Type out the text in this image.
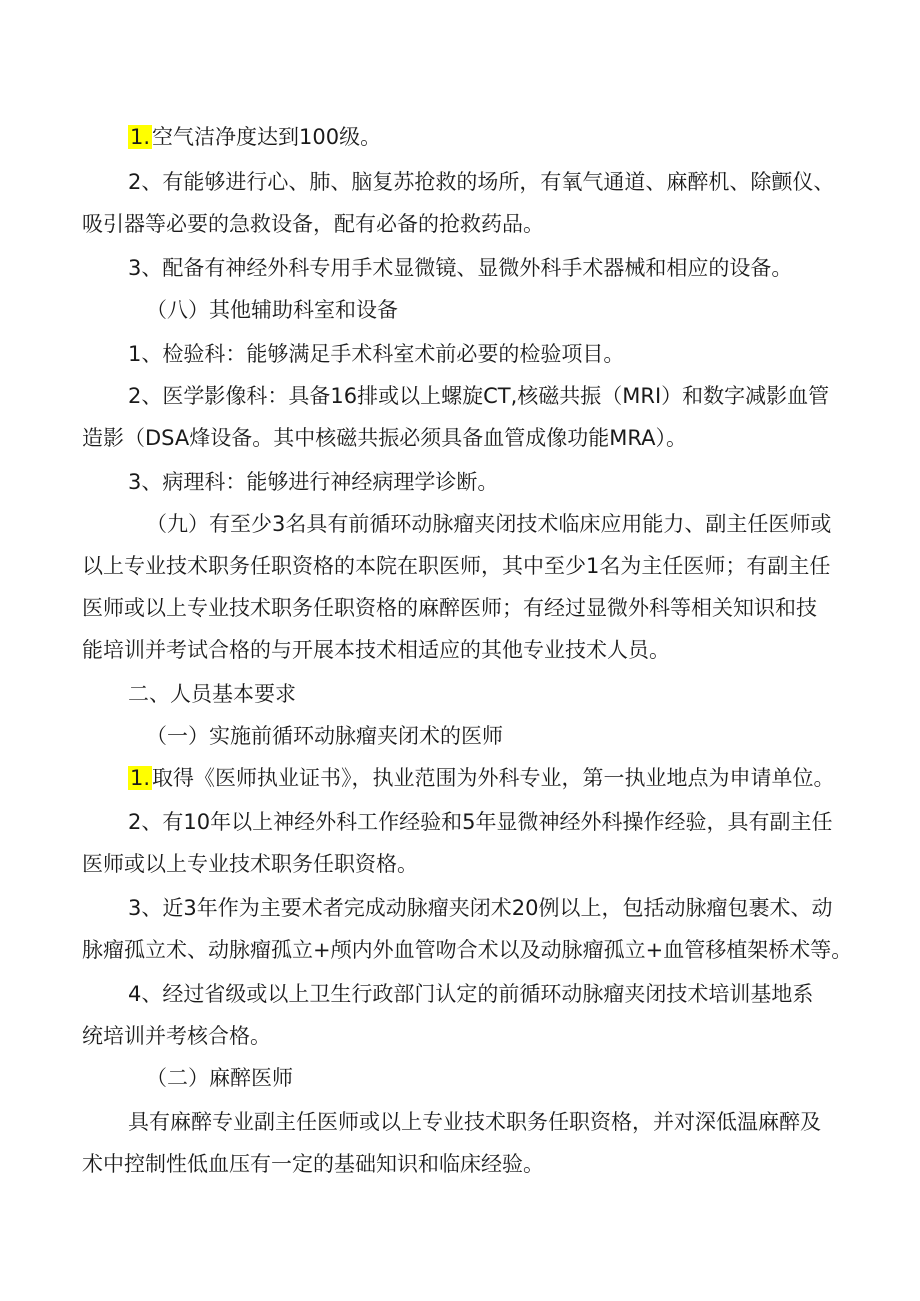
1.空气洁净度达到100级。
2、有能够进行心、肺、脑复苏抢救的场所，有氧气通道、麻醉机、除颤仪、
吸引器等必要的急救设备，配有必备的抢救药品。
3、配备有神经外科专用手术显微镜、显微外科手术器械和相应的设备。
（八）其他辅助科室和设备
1、检验科：能够满足手术科室术前必要的检验项目。
2、医学影像科：具备16排或以上螺旋CT,核磁共振（MRI）和数字减影血管
造影（DSA烽设备。其中核磁共振必须具备血管成像功能MRA）。
3、病理科：能够进行神经病理学诊断。
（九）有至少3名具有前循环动脉瘤夹闭技术临床应用能力、副主任医师或
以上专业技术职务任职资格的本院在职医师，其中至少1名为主任医师；有副主任
医师或以上专业技术职务任职资格的麻醉医师；有经过显微外科等相关知识和技
能培训并考试合格的与开展本技术相适应的其他专业技术人员。
二、人员基本要求
（一）实施前循环动脉瘤夹闭术的医师
1.取得《医师执业证书》，执业范围为外科专业，第一执业地点为申请单位。
2、有10年以上神经外科工作经验和5年显微神经外科操作经验，具有副主任
医师或以上专业技术职务任职资格。
3、近3年作为主要术者完成动脉瘤夹闭术20例以上，包括动脉瘤包裹术、动
脉瘤孤立术、动脉瘤孤立+颅内外血管吻合术以及动脉瘤孤立+血管移植架桥术等。
4、经过省级或以上卫生行政部门认定的前循环动脉瘤夹闭技术培训基地系
统培训并考核合格。
（二）麻醉医师
具有麻醉专业副主任医师或以上专业技术职务任职资格，并对深低温麻醉及
术中控制性低血压有一定的基础知识和临床经验。
